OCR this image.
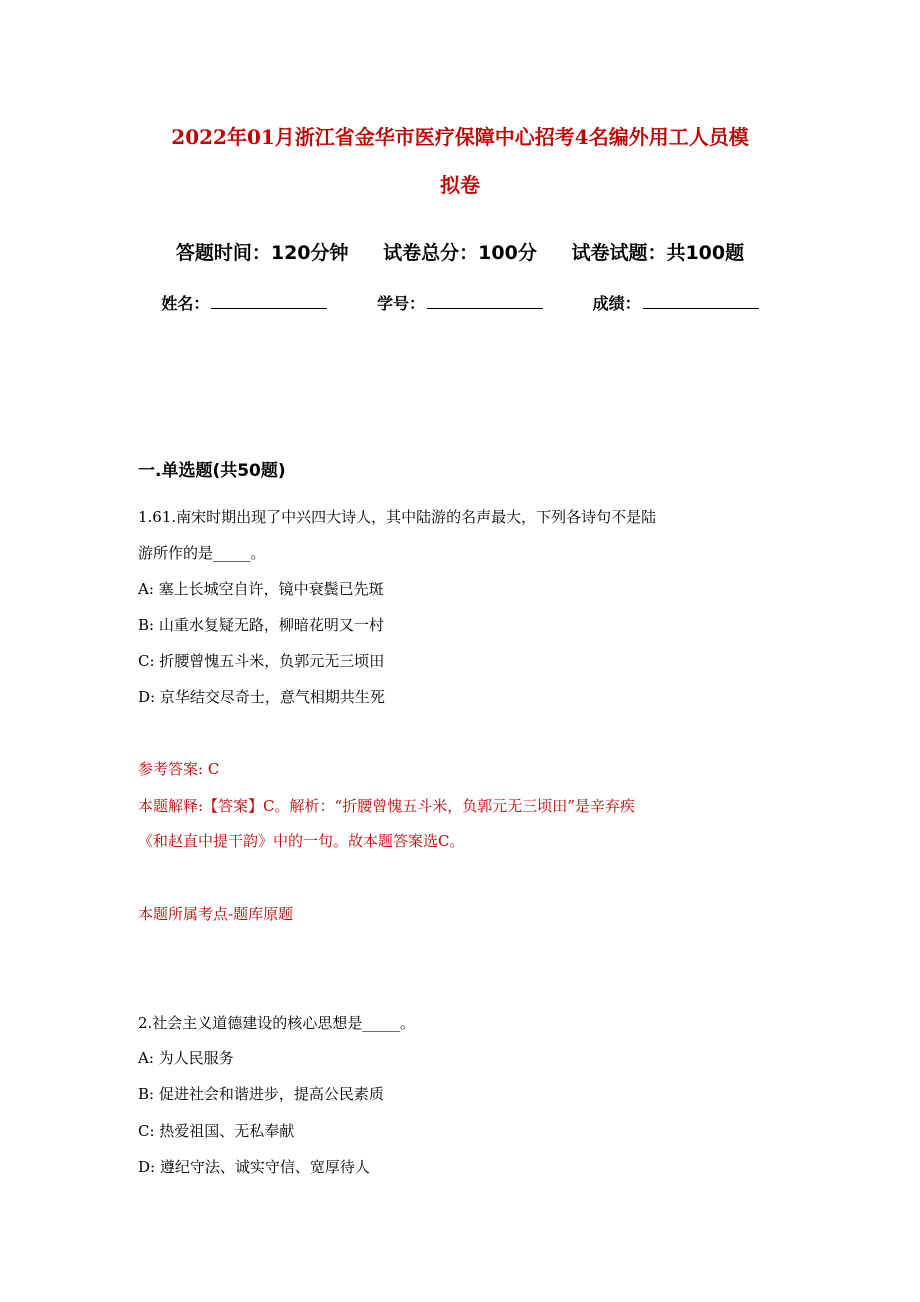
2022年01月浙江省金华市医疗保障中心招考4名编外用工人员模
拟卷
答题时间：120分钟 试卷总分：100分 试卷试题：共100题
姓名：	学号：	成绩：
一.单选题(共50题)
1.61.南宋时期出现了中兴四大诗人，其中陆游的名声最大，下列各诗句不是陆
游所作的是_____。
A: 塞上长城空自许，镜中衰鬓已先斑
B: 山重水复疑无路，柳暗花明又一村
C: 折腰曾愧五斗米，负郭元无三顷田
D: 京华结交尽奇士，意气相期共生死
参考答案: C
本题解释:【答案】C。解析：“折腰曾愧五斗米，负郭元无三顷田”是辛弃疾
《和赵直中提干韵》中的一句。故本题答案选C。
本题所属考点-题库原题
2.社会主义道德建设的核心思想是_____。
A: 为人民服务
B: 促进社会和谐进步，提高公民素质
C: 热爱祖国、无私奉献
D: 遵纪守法、诚实守信、宽厚待人
